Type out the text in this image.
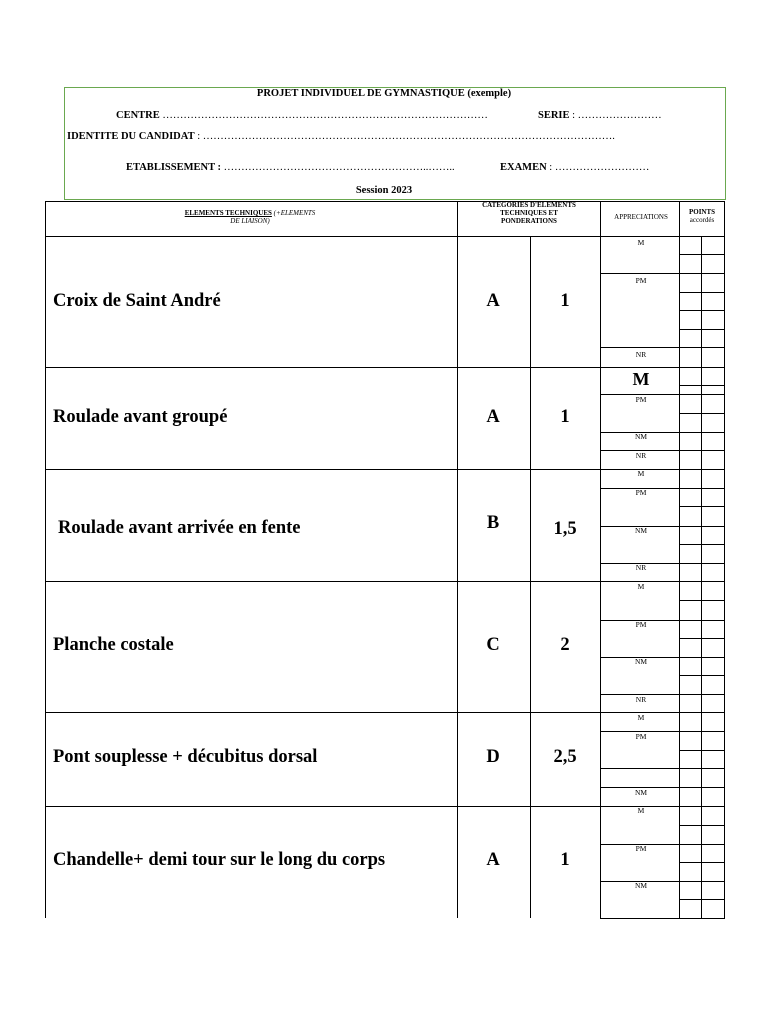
PROJET INDIVIDUEL DE GYMNASTIQUE (exemple)
CENTRE …………………………………………………………………………………	SERIE : ……………………
IDENTITE DU CANDIDAT : ……………………………………………………………………………………………………….
ETABLISSEMENT : …………………………………………………..……..	EXAMEN : ………………………
Session 2023
ELEMENTS TECHNIQUES (+ELEMENTS
DE LIAISON)
CATEGORIES D'ELEMENTS
TECHNIQUES ET
PONDERATIONS	APPRECIATIONS
POINTS
accordés
Croix de Saint André	A	1
M
PM
NR
Roulade avant groupé	A	1
M
PM
NM
NR
Roulade avant arrivée en fente	B	1,5
M
PM
NM
NR
Planche costale	C	2
M
PM
NM
NR
Pont souplesse + décubitus dorsal	D	2,5
M
PM
NM
Chandelle+ demi tour sur le long du corps	A	1
M
PM
NM
